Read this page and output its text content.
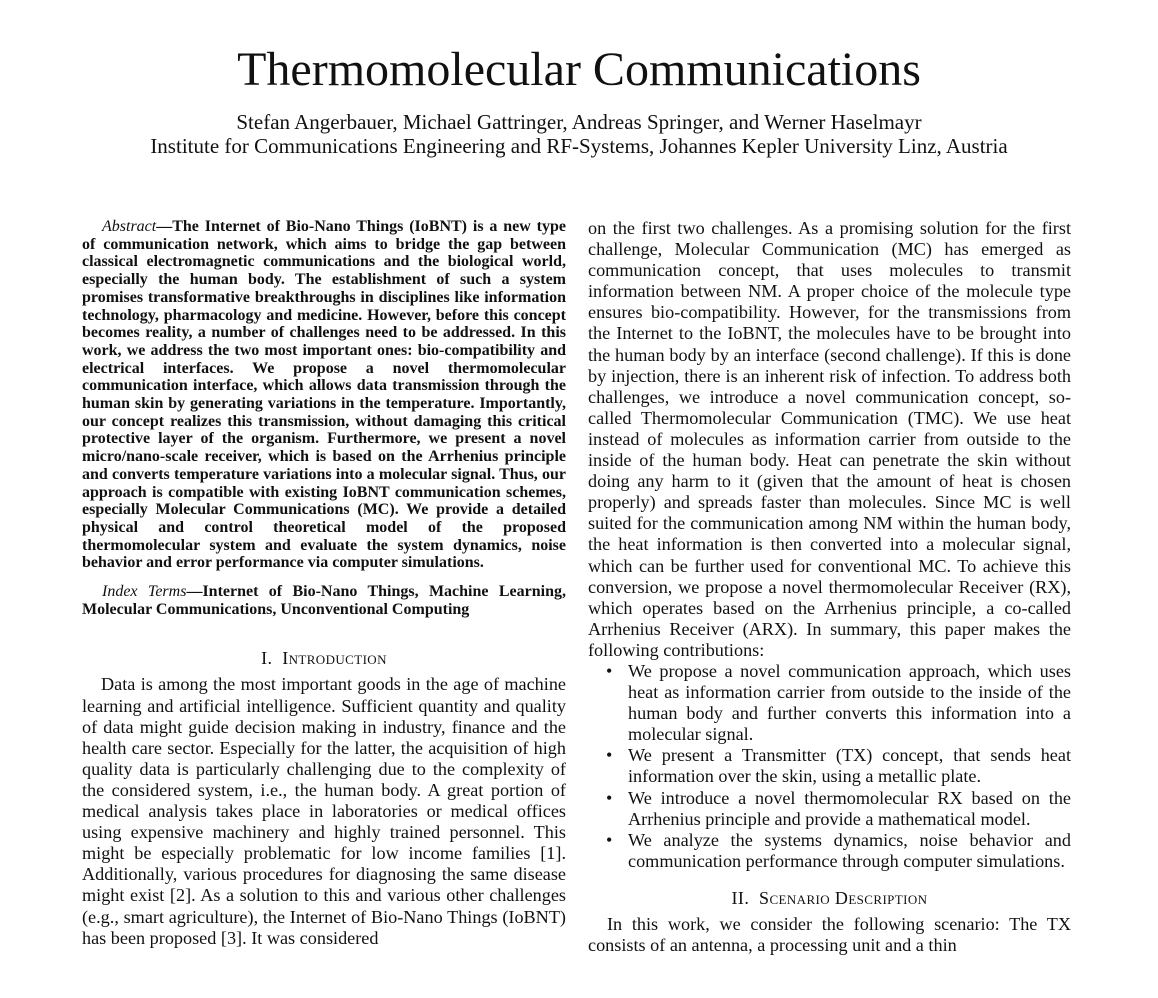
Thermomolecular Communications
Stefan Angerbauer, Michael Gattringer, Andreas Springer, and Werner Haselmayr
Institute for Communications Engineering and RF-Systems, Johannes Kepler University Linz, Austria

Abstract—The Internet of Bio-Nano Things (IoBNT) is a new type of communication network, which aims to bridge the gap between classical electromagnetic communications and the biological world, especially the human body. The establishment of such a system promises transformative breakthroughs in disciplines like information technology, pharmacology and medicine. However, before this concept becomes reality, a number of challenges need to be addressed. In this work, we address the two most important ones: bio-compatibility and electrical interfaces. We propose a novel thermomolecular communication interface, which allows data transmission through the human skin by generating variations in the temperature. Importantly, our concept realizes this transmission, without damaging this critical protective layer of the organism. Furthermore, we present a novel micro/nano-scale receiver, which is based on the Arrhenius principle and converts temperature variations into a molecular signal. Thus, our approach is compatible with existing IoBNT communication schemes, especially Molecular Communications (MC). We provide a detailed physical and control theoretical model of the proposed thermomolecular system and evaluate the system dynamics, noise behavior and error performance via computer simulations.

Index Terms—Internet of Bio-Nano Things, Machine Learning, Molecular Communications, Unconventional Computing

I. Introduction

Data is among the most important goods in the age of machine learning and artificial intelligence. Sufficient quantity and quality of data might guide decision making in industry, finance and the health care sector. Especially for the latter, the acquisition of high quality data is particularly challenging due to the complexity of the considered system, i.e., the human body. A great portion of medical analysis takes place in laboratories or medical offices using expensive machinery and highly trained personnel. This might be especially problematic for low income families [1]. Additionally, various procedures for diagnosing the same disease might exist [2]. As a solution to this and various other challenges (e.g., smart agriculture), the Internet of Bio-Nano Things (IoBNT) has been proposed [3]. It was considered

on the first two challenges. As a promising solution for the first challenge, Molecular Communication (MC) has emerged as communication concept, that uses molecules to transmit information between NM. A proper choice of the molecule type ensures bio-compatibility. However, for the transmissions from the Internet to the IoBNT, the molecules have to be brought into the human body by an interface (second challenge). If this is done by injection, there is an inherent risk of infection. To address both challenges, we introduce a novel communication concept, so-called Thermomolecular Communication (TMC). We use heat instead of molecules as information carrier from outside to the inside of the human body. Heat can penetrate the skin without doing any harm to it (given that the amount of heat is chosen properly) and spreads faster than molecules. Since MC is well suited for the communication among NM within the human body, the heat information is then converted into a molecular signal, which can be further used for conventional MC. To achieve this conversion, we propose a novel thermomolecular Receiver (RX), which operates based on the Arrhenius principle, a co-called Arrhenius Receiver (ARX). In summary, this paper makes the following contributions:

• We propose a novel communication approach, which uses heat as information carrier from outside to the inside of the human body and further converts this information into a molecular signal.
• We present a Transmitter (TX) concept, that sends heat information over the skin, using a metallic plate.
• We introduce a novel thermomolecular RX based on the Arrhenius principle and provide a mathematical model.
• We analyze the systems dynamics, noise behavior and communication performance through computer simulations.
II. Scenario Description

In this work, we consider the following scenario: The TX consists of an antenna, a processing unit and a thin
